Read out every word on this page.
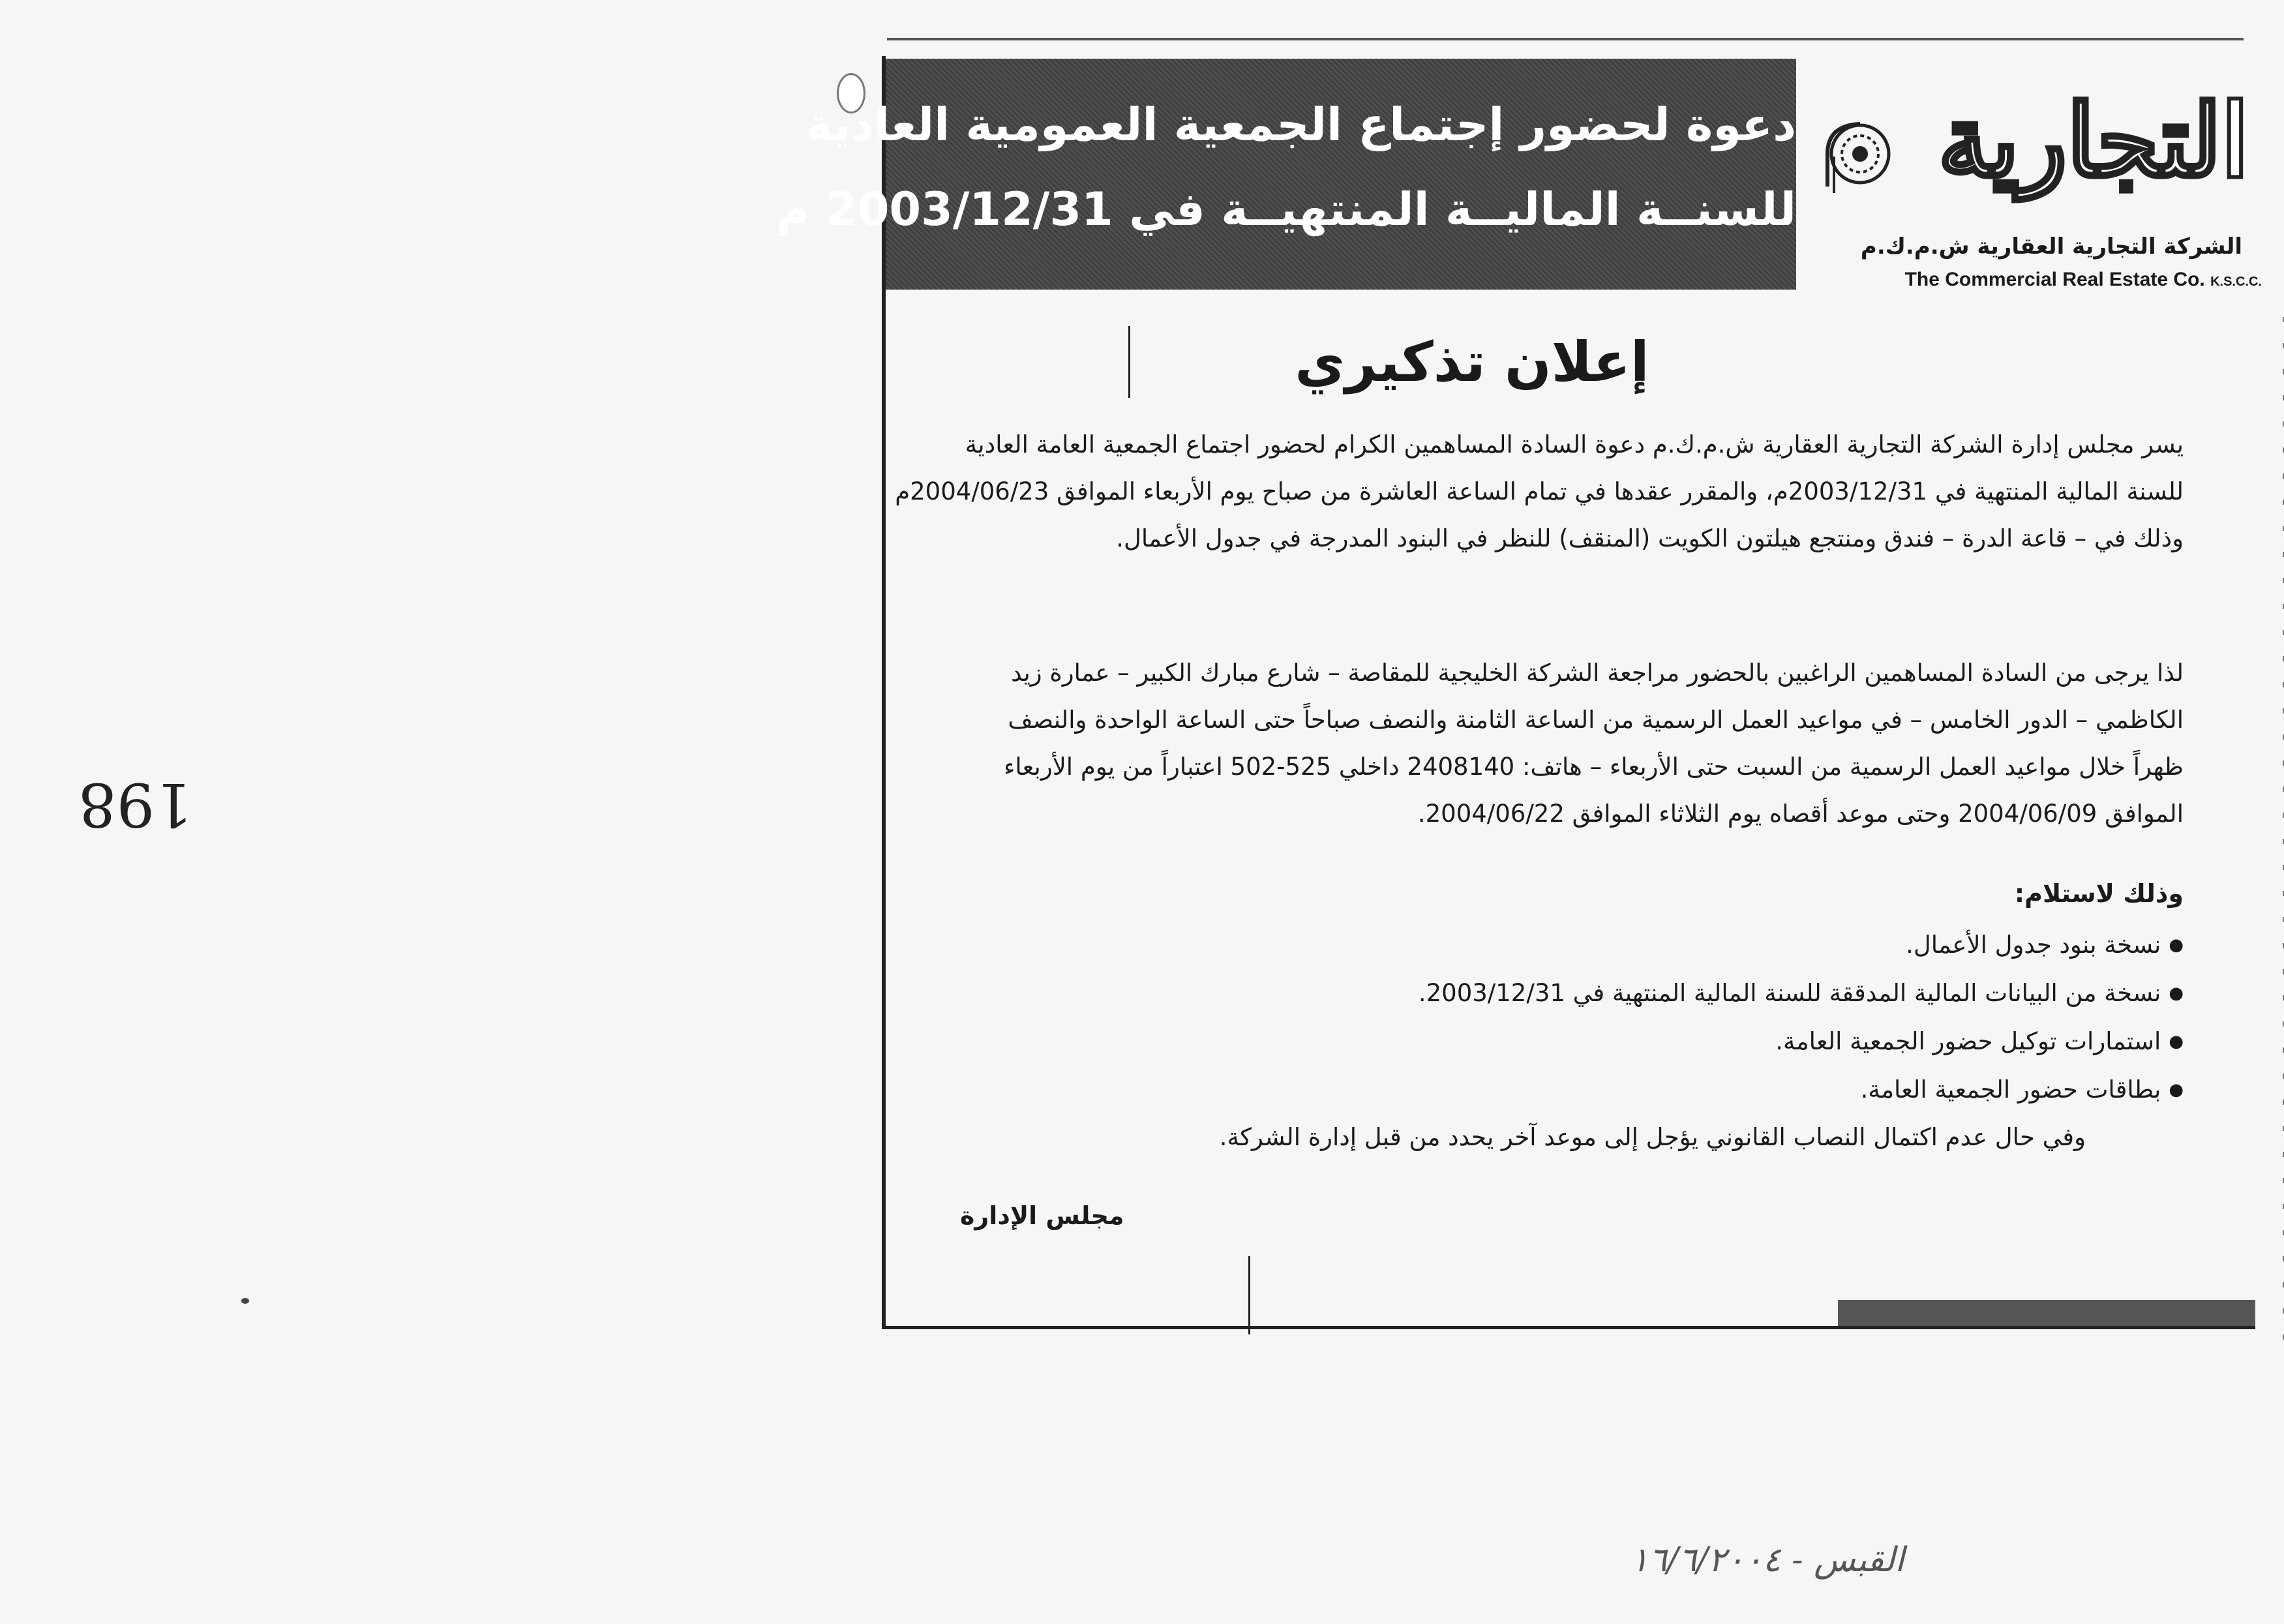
198
دعوة لحضور إجتماع الجمعية العمومية العادية
للسنــة الماليــة المنتهيــة في 2003/12/31 م
التجارية
الشركة التجارية العقارية ش.م.ك.م
The Commercial Real Estate Co. K.S.C.C.
إعلان تذكيري
يسر مجلس إدارة الشركة التجارية العقارية ش.م.ك.م دعوة السادة المساهمين الكرام لحضور اجتماع الجمعية العامة العادية
للسنة المالية المنتهية في 2003/12/31م، والمقرر عقدها في تمام الساعة العاشرة من صباح يوم الأربعاء الموافق 2004/06/23م
وذلك في – قاعة الدرة – فندق ومنتجع هيلتون الكويت (المنقف) للنظر في البنود المدرجة في جدول الأعمال.
لذا يرجى من السادة المساهمين الراغبين بالحضور مراجعة الشركة الخليجية للمقاصة – شارع مبارك الكبير – عمارة زيد
الكاظمي – الدور الخامس – في مواعيد العمل الرسمية من الساعة الثامنة والنصف صباحاً حتى الساعة الواحدة والنصف
ظهراً خلال مواعيد العمل الرسمية من السبت حتى الأربعاء – هاتف: 2408140 داخلي 525-502 اعتباراً من يوم الأربعاء
الموافق 2004/06/09 وحتى موعد أقصاه يوم الثلاثاء الموافق 2004/06/22.
وذلك لاستلام:
● نسخة بنود جدول الأعمال.
● نسخة من البيانات المالية المدققة للسنة المالية المنتهية في 2003/12/31.
● استمارات توكيل حضور الجمعية العامة.
● بطاقات حضور الجمعية العامة.
وفي حال عدم اكتمال النصاب القانوني يؤجل إلى موعد آخر يحدد من قبل إدارة الشركة.
مجلس الإدارة
القبس - ١٦/٦/٢٠٠٤
